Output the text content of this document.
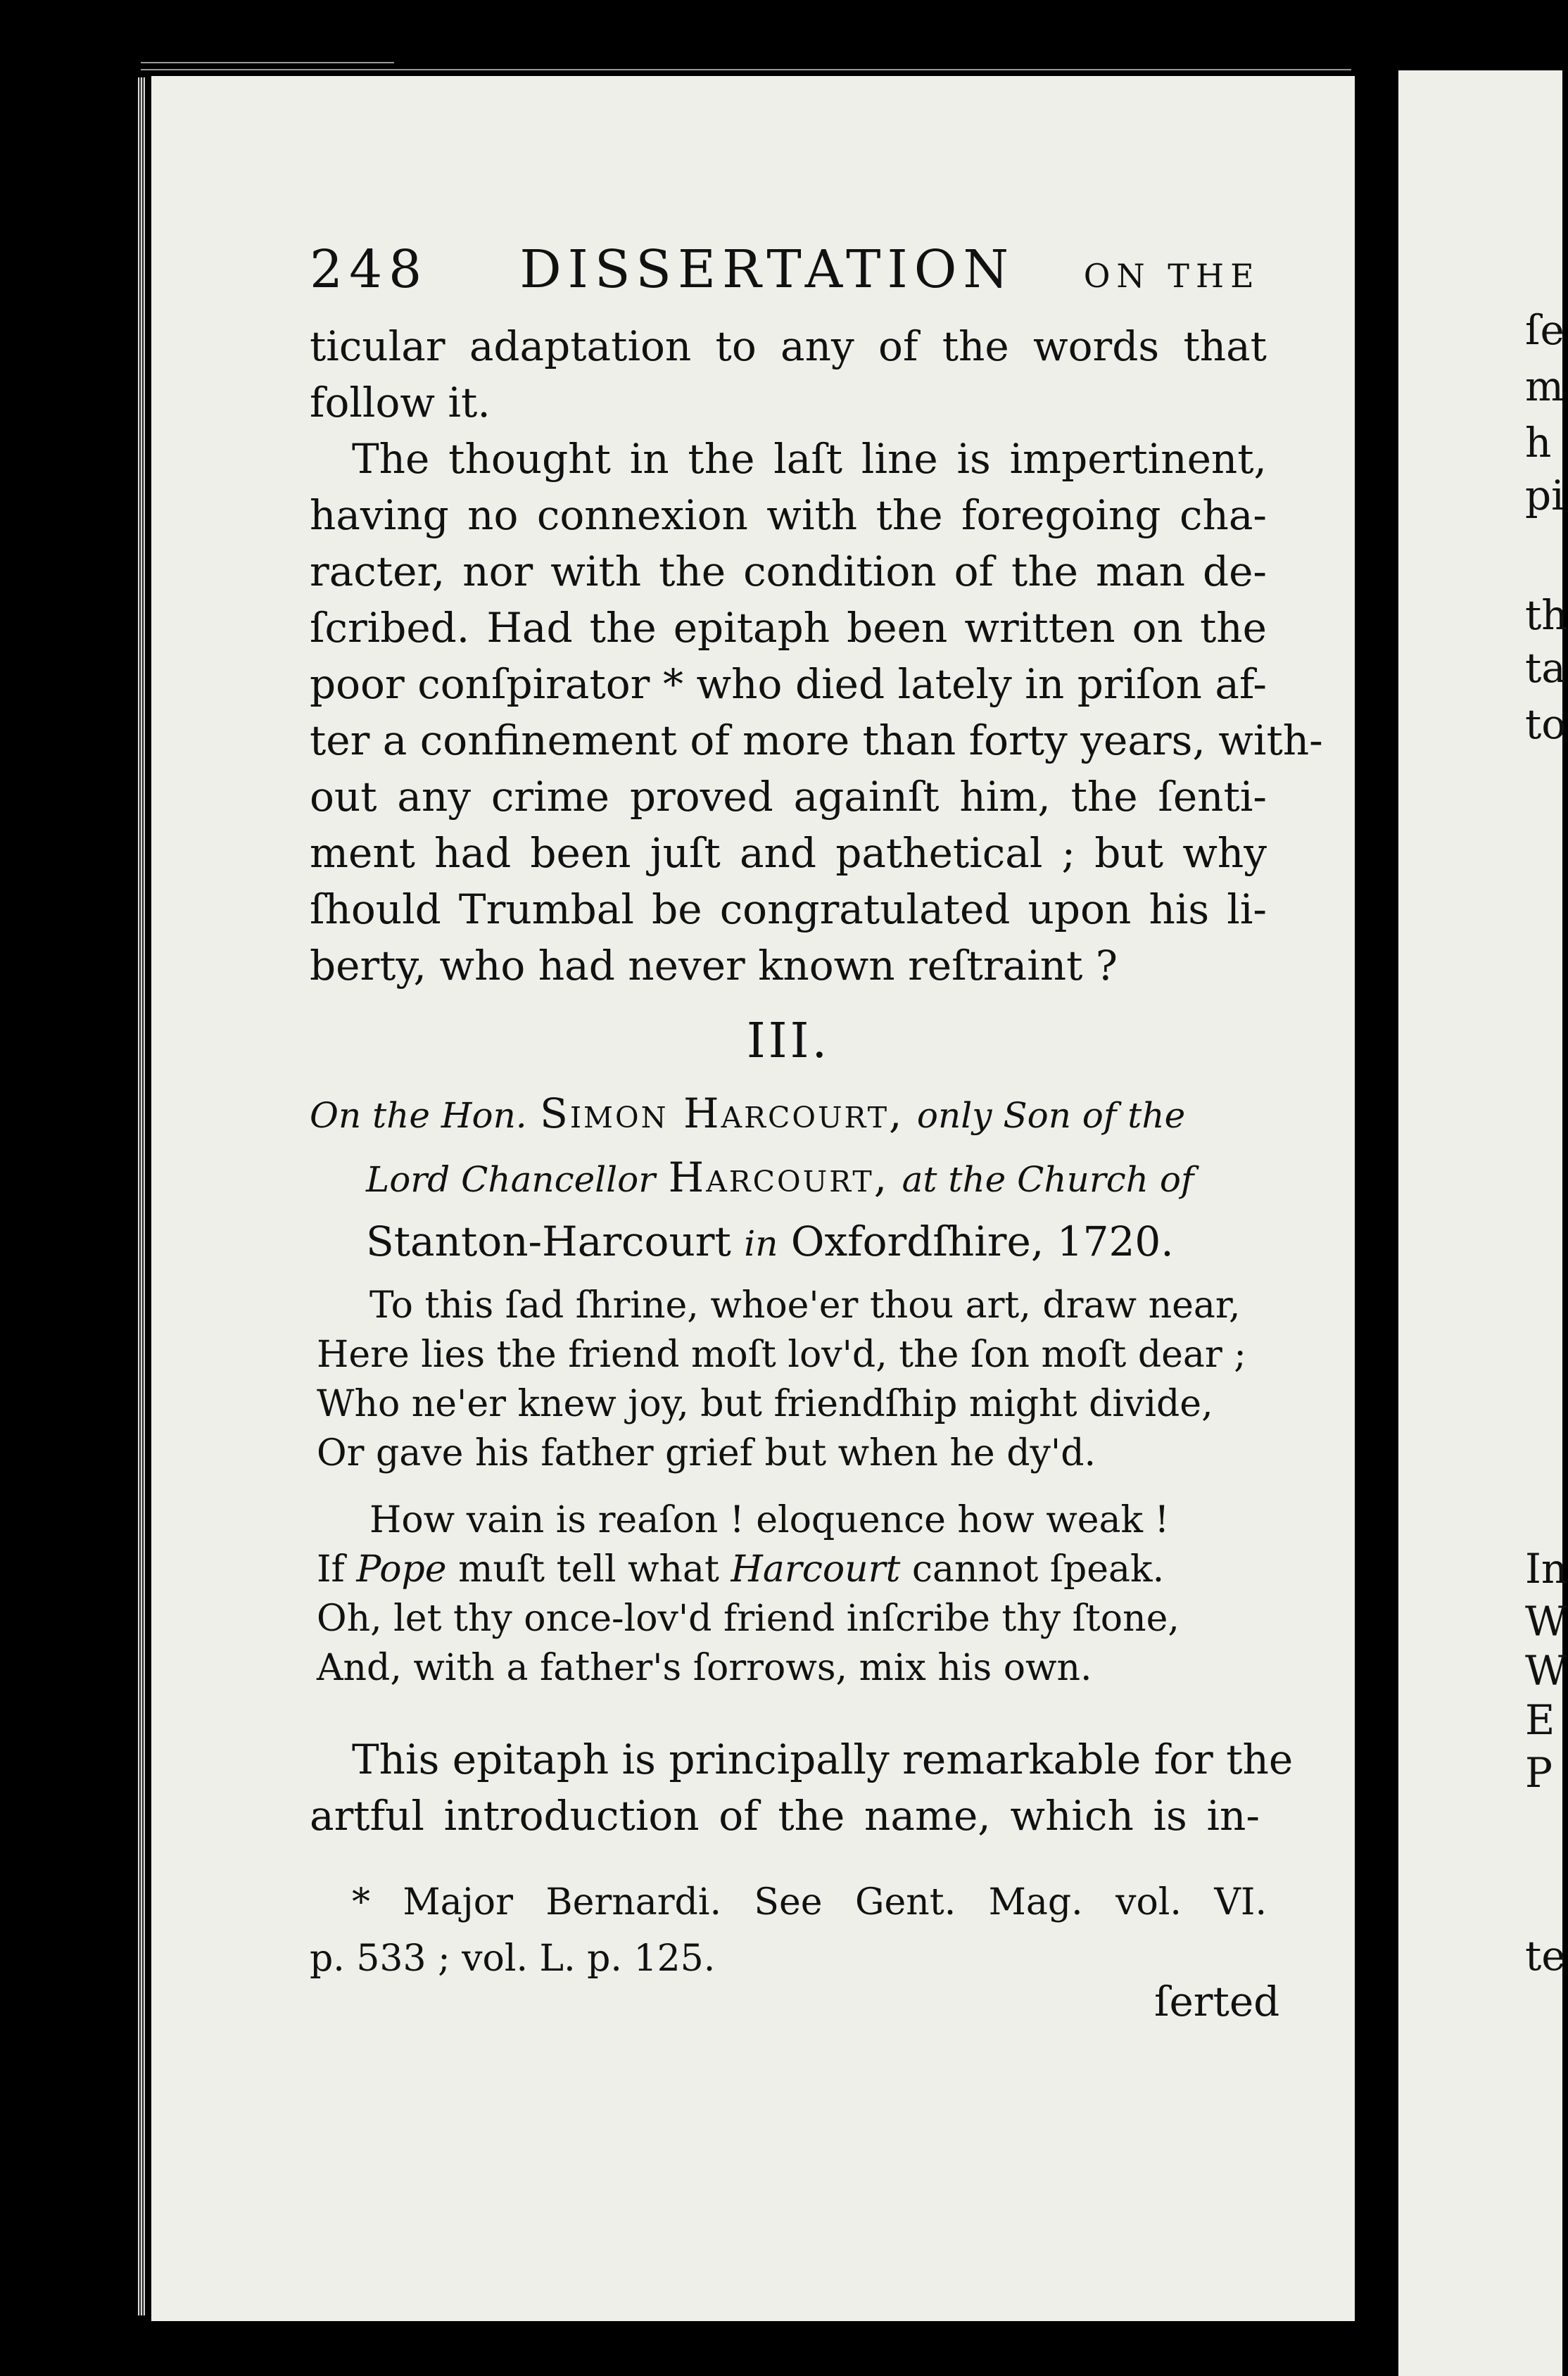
ſe
m
h
pi
th
ta
to
In
W
W
E
P
te
248 DISSERTATION ON THE
ticular adaptation to any of the words that
follow it.
The thought in the laſt line is impertinent,
having no connexion with the foregoing cha-
racter, nor with the condition of the man de-
ſcribed. Had the epitaph been written on the
poor conſpirator * who died lately in priſon af-
ter a confinement of more than forty years, with-
out any crime proved againſt him, the ſenti-
ment had been juſt and pathetical ; but why
ſhould Trumbal be congratulated upon his li-
berty, who had never known reſtraint ?
III.
On the Hon. Simon Harcourt, only Son of the
Lord Chancellor Harcourt, at the Church of
Stanton-Harcourt in Oxfordſhire, 1720.
To this ſad ſhrine, whoe'er thou art, draw near,
Here lies the friend moſt lov'd, the ſon moſt dear ;
Who ne'er knew joy, but friendſhip might divide,
Or gave his father grief but when he dy'd.
How vain is reaſon ! eloquence how weak !
If Pope muſt tell what Harcourt cannot ſpeak.
Oh, let thy once-lov'd friend inſcribe thy ſtone,
And, with a father's ſorrows, mix his own.
This epitaph is principally remarkable for the
artful introduction of the name, which is in-
* Major Bernardi. See Gent. Mag. vol. VI.
p. 533 ; vol. L. p. 125.
ſerted
